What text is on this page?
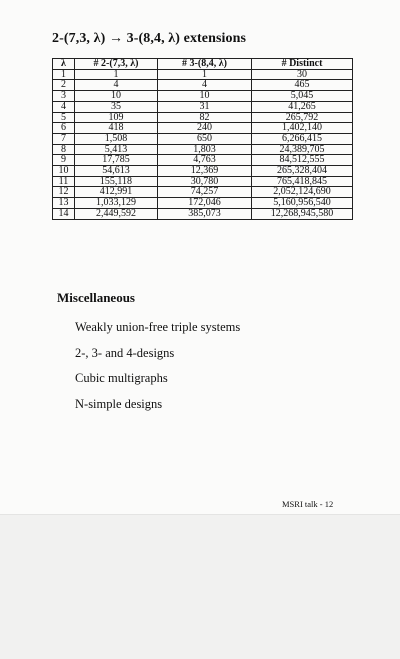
2-(7,3, λ) → 3-(8,4, λ) extensions
λ	# 2-(7,3, λ)	# 3-(8,4, λ)	# Distinct
1	1	1	30
2	4	4	465
3	10	10	5,045
4	35	31	41,265
5	109	82	265,792
6	418	240	1,402,140
7	1,508	650	6,266,415
8	5,413	1,803	24,389,705
9	17,785	4,763	84,512,555
10	54,613	12,369	265,328,404
11	155,118	30,780	765,418,845
12	412,991	74,257	2,052,124,690
13	1,033,129	172,046	5,160,956,540
14	2,449,592	385,073	12,268,945,580
Miscellaneous
Weakly union-free triple systems
2-, 3- and 4-designs
Cubic multigraphs
N-simple designs
MSRI talk - 12
